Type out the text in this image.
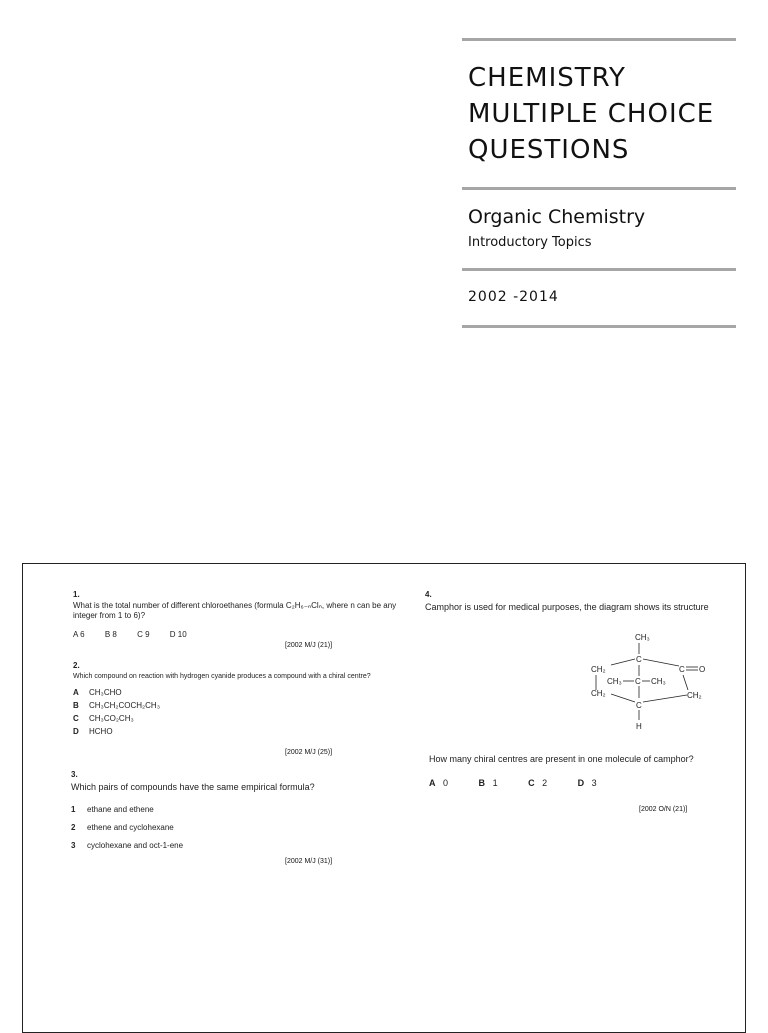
CHEMISTRY
MULTIPLE CHOICE
QUESTIONS
Organic Chemistry
Introductory Topics
2002 -2014
1.
What is the total number of different chloroethanes (formula C₂H₆₋ₙClₙ, where n can be any integer from 1 to 6)?
A 6	B 8	C 9	D 10
[2002 M/J (21)]
2.
Which compound on reaction with hydrogen cyanide produces a compound with a chiral centre?
A CH₃CHO
B CH₃CH₂COCH₂CH₃
C CH₃CO₂CH₃
D HCHO
[2002 M/J (25)]
3.
Which pairs of compounds have the same empirical formula?
1 ethane and ethene
2 ethene and cyclohexane
3 cyclohexane and oct-1-ene
[2002 M/J (31)]
4.
Camphor is used for medical purposes, the diagram shows its structure
CH₃
C
CH₂	C O
CH₃ C CH₃
CH₂	CH₂
C
H
How many chiral centres are present in one molecule of camphor?
A 0	B 1	C 2	D 3
[2002 O/N (21)]
